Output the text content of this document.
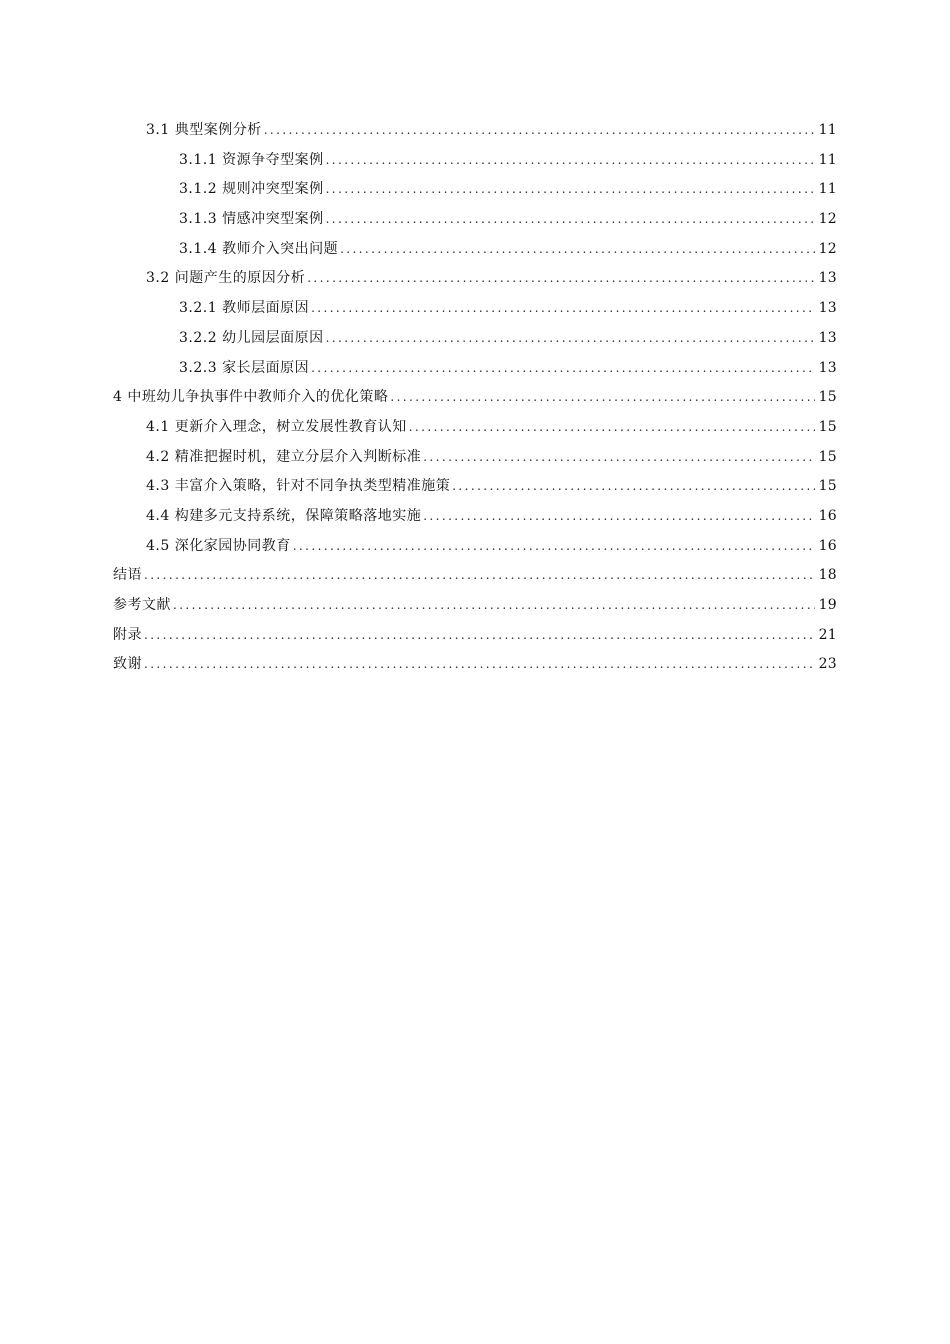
3.1 典型案例分析 .....	11
3.1.1 资源争夺型案例 .....	11
3.1.2 规则冲突型案例 .....	11
3.1.3 情感冲突型案例 .....	12
3.1.4 教师介入突出问题 .....	12
3.2 问题产生的原因分析 .....	13
3.2.1 教师层面原因 .....	13
3.2.2 幼儿园层面原因 .....	13
3.2.3 家长层面原因 .....	13
4 中班幼儿争执事件中教师介入的优化策略 .....	15
4.1 更新介入理念，树立发展性教育认知 .....	15
4.2 精准把握时机，建立分层介入判断标准 .....	15
4.3 丰富介入策略，针对不同争执类型精准施策 .....	15
4.4 构建多元支持系统，保障策略落地实施 .....	16
4.5 深化家园协同教育 .....	16
结语 .....	18
参考文献 .....	19
附录 .....	21
致谢 .....	23
